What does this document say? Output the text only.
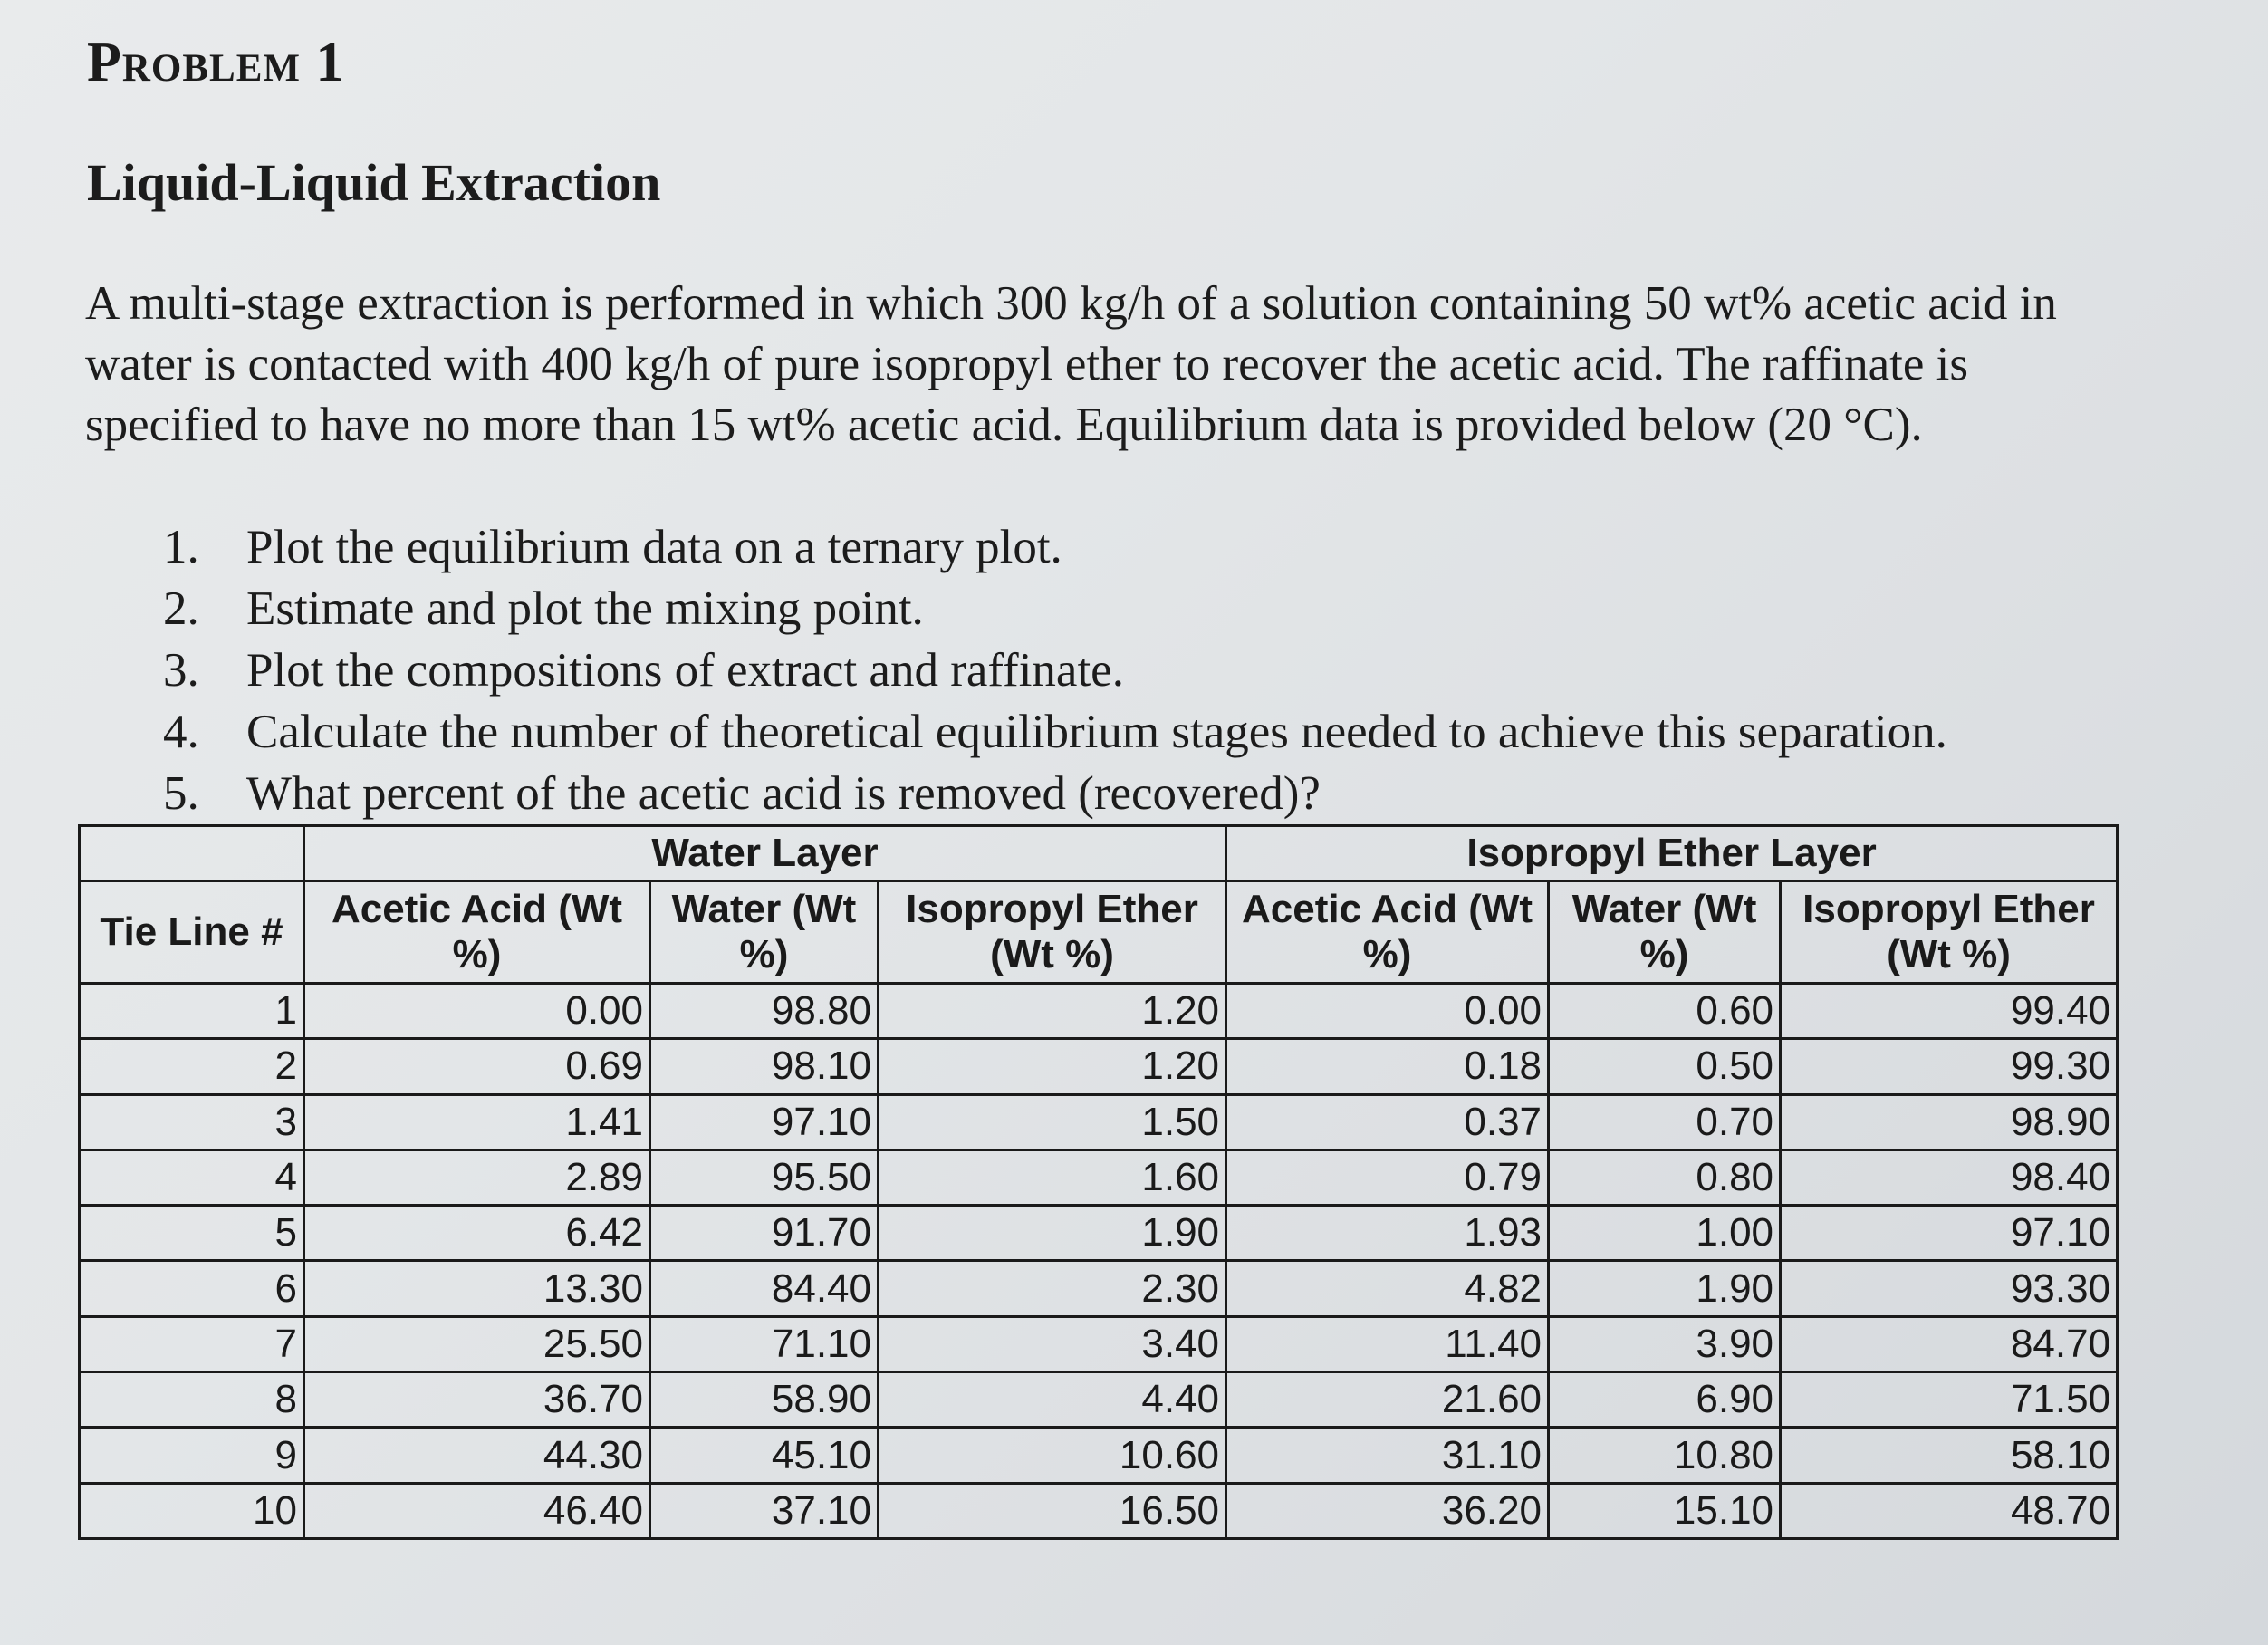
Problem 1
Liquid-Liquid Extraction

A multi-stage extraction is performed in which 300 kg/h of a solution containing 50 wt% acetic acid in water is contacted with 400 kg/h of pure isopropyl ether to recover the acetic acid. The raffinate is specified to have no more than 15 wt% acetic acid. Equilibrium data is provided below (20 °C).

1. Plot the equilibrium data on a ternary plot.
2. Estimate and plot the mixing point.
3. Plot the compositions of extract and raffinate.
4. Calculate the number of theoretical equilibrium stages needed to achieve this separation.
5. What percent of the acetic acid is removed (recovered)?
	Water Layer			Isopropyl Ether Layer		
Tie Line #	Acetic Acid (Wt %)	Water (Wt %)	Isopropyl Ether (Wt %)	Acetic Acid (Wt %)	Water (Wt %)	Isopropyl Ether (Wt %)
1	0.00	98.80	1.20	0.00	0.60	99.40
2	0.69	98.10	1.20	0.18	0.50	99.30
3	1.41	97.10	1.50	0.37	0.70	98.90
4	2.89	95.50	1.60	0.79	0.80	98.40
5	6.42	91.70	1.90	1.93	1.00	97.10
6	13.30	84.40	2.30	4.82	1.90	93.30
7	25.50	71.10	3.40	11.40	3.90	84.70
8	36.70	58.90	4.40	21.60	6.90	71.50
9	44.30	45.10	10.60	31.10	10.80	58.10
10	46.40	37.10	16.50	36.20	15.10	48.70
